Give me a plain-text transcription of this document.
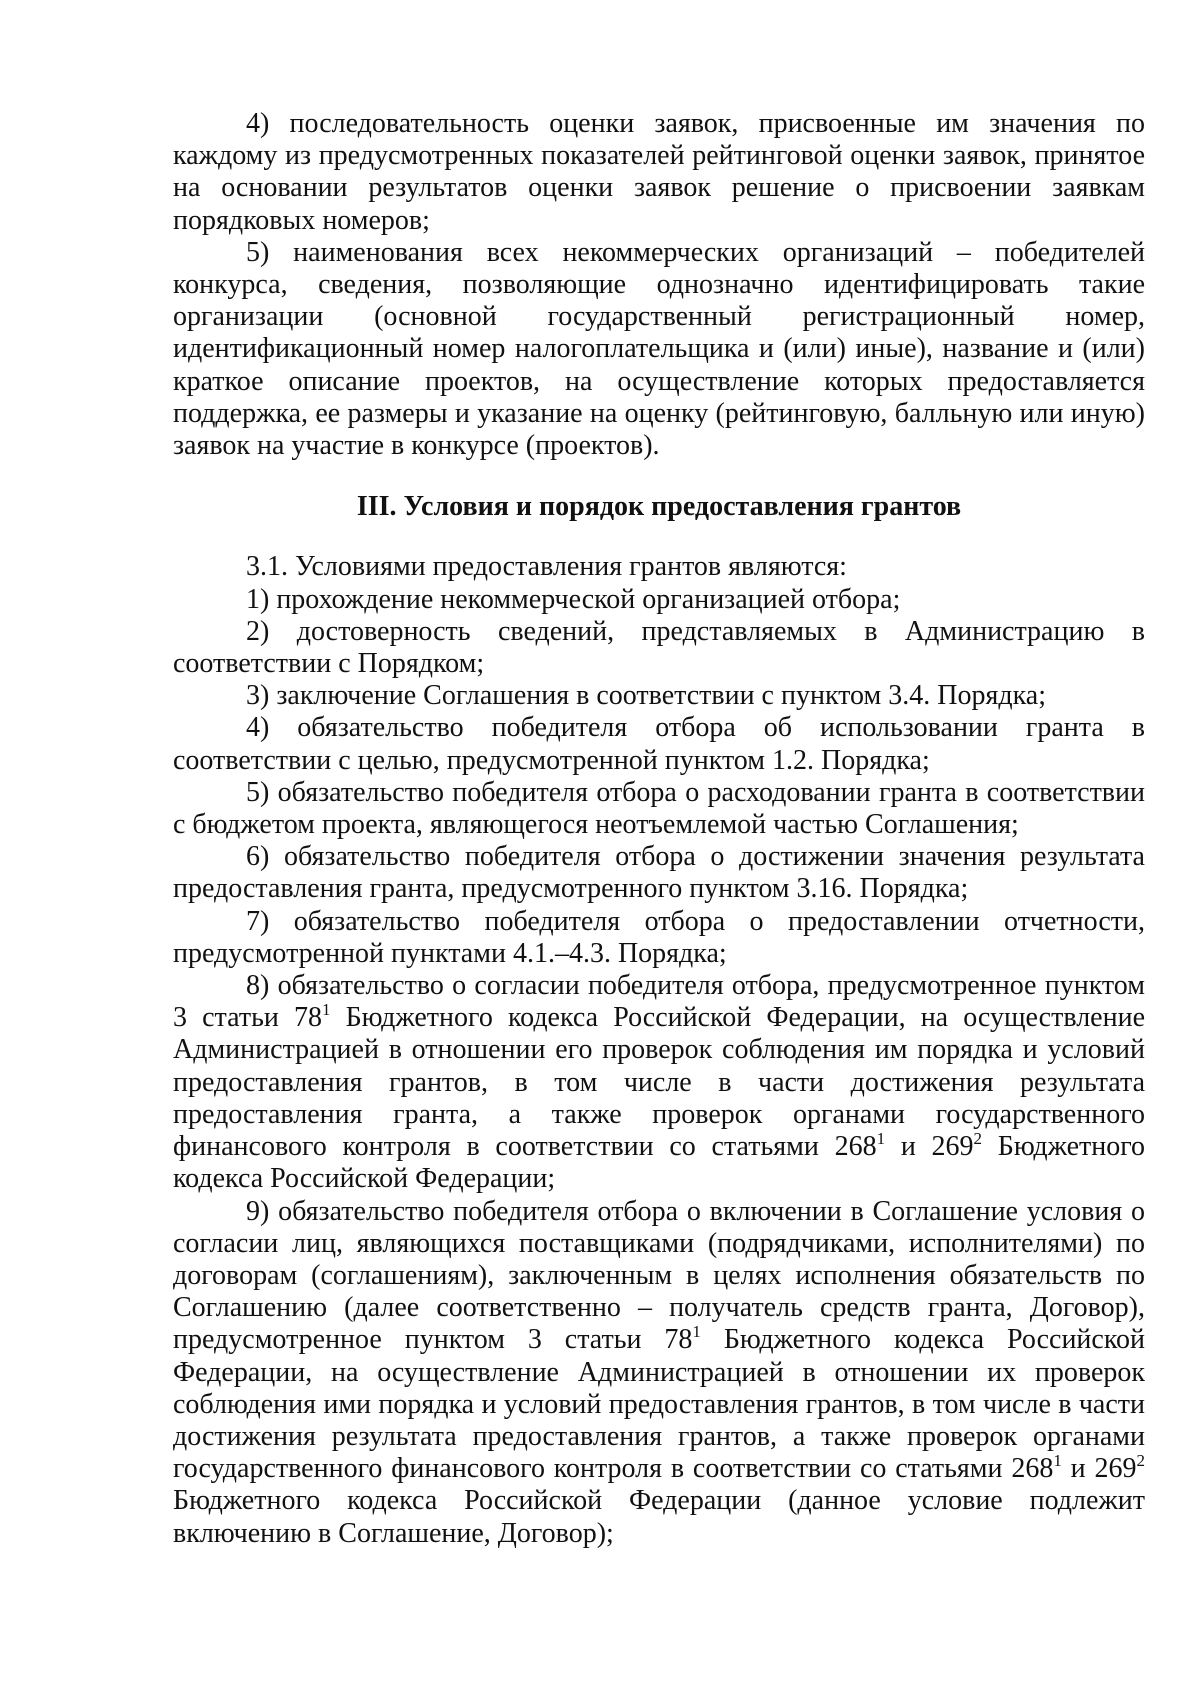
4) последовательность оценки заявок, присвоенные им значения по каждому из предусмотренных показателей рейтинговой оценки заявок, принятое на основании результатов оценки заявок решение о присвоении заявкам порядковых номеров;

5) наименования всех некоммерческих организаций – победителей конкурса, сведения, позволяющие однозначно идентифицировать такие организации (основной государственный регистрационный номер, идентификационный номер налогоплательщика и (или) иные), название и (или) краткое описание проектов, на осуществление которых предоставляется поддержка, ее размеры и указание на оценку (рейтинговую, балльную или иную) заявок на участие в конкурсе (проектов).

III. Условия и порядок предоставления грантов

3.1. Условиями предоставления грантов являются:

1) прохождение некоммерческой организацией отбора;

2) достоверность сведений, представляемых в Администрацию в соответствии с Порядком;

3) заключение Соглашения в соответствии с пунктом 3.4. Порядка;

4) обязательство победителя отбора об использовании гранта в соответствии с целью, предусмотренной пунктом 1.2. Порядка;

5) обязательство победителя отбора о расходовании гранта в соответствии с бюджетом проекта, являющегося неотъемлемой частью Соглашения;

6) обязательство победителя отбора о достижении значения результата предоставления гранта, предусмотренного пунктом 3.16. Порядка;

7) обязательство победителя отбора о предоставлении отчетности, предусмотренной пунктами 4.1.–4.3. Порядка;

8) обязательство о согласии победителя отбора, предусмотренное пунктом 3 статьи $78^1$ Бюджетного кодекса Российской Федерации, на осуществление Администрацией в отношении его проверок соблюдения им порядка и условий предоставления грантов, в том числе в части достижения результата предоставления гранта, а также проверок органами государственного финансового контроля в соответствии со статьями $268^1$ и $269^2$ Бюджетного кодекса Российской Федерации;

9) обязательство победителя отбора о включении в Соглашение условия о согласии лиц, являющихся поставщиками (подрядчиками, исполнителями) по договорам (соглашениям), заключенным в целях исполнения обязательств по Соглашению (далее соответственно – получатель средств гранта, Договор), предусмотренное пунктом 3 статьи $78^1$ Бюджетного кодекса Российской Федерации, на осуществление Администрацией в отношении их проверок соблюдения ими порядка и условий предоставления грантов, в том числе в части достижения результата предоставления грантов, а также проверок органами государственного финансового контроля в соответствии со статьями $268^1$ и $269^2$ Бюджетного кодекса Российской Федерации (данное условие подлежит включению в Соглашение, Договор);
